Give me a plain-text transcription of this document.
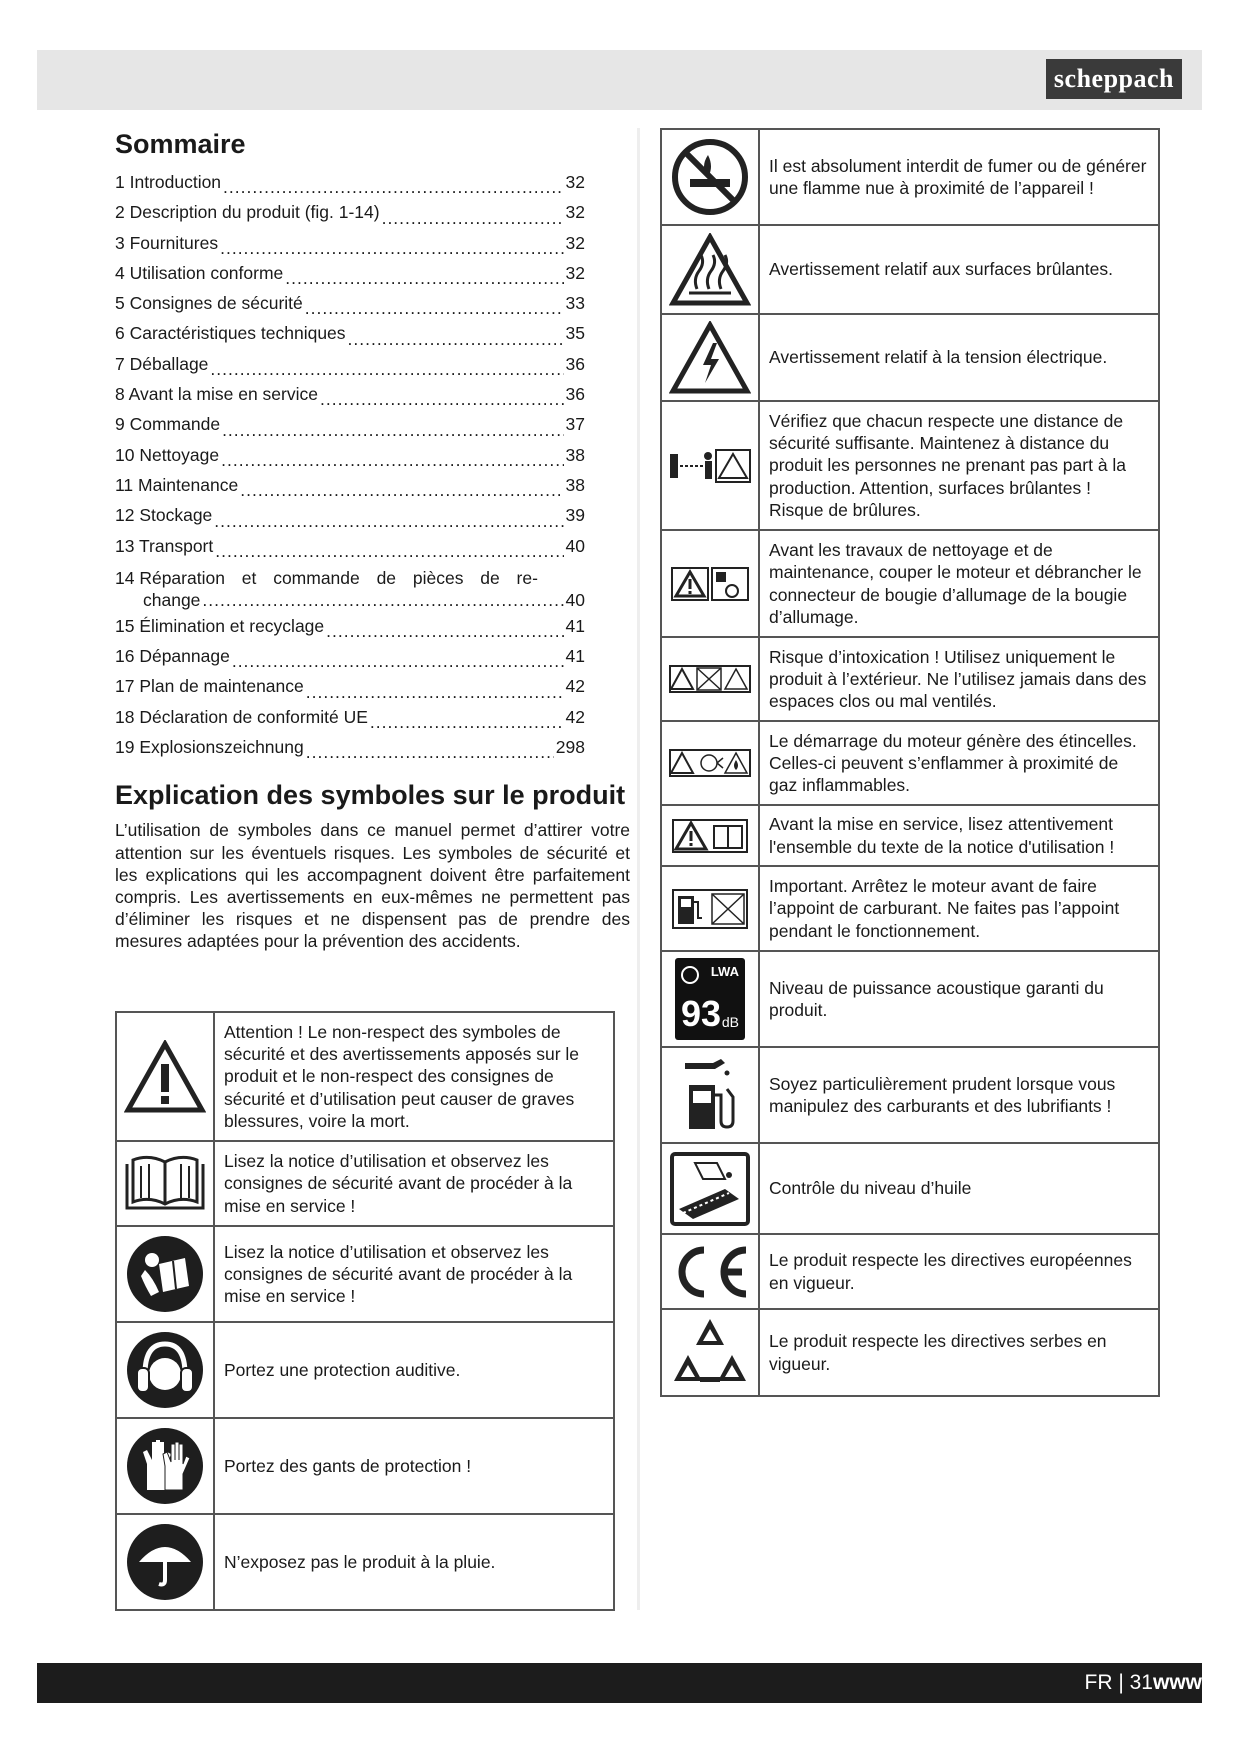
scheppach
Sommaire
1 Introduction .....	32
2 Description du produit (fig. 1-14) .....	32
3 Fournitures .....	32
4 Utilisation conforme .....	32
5 Consignes de sécurité .....	33
6 Caractéristiques techniques .....	35
7 Déballage .....	36
8 Avant la mise en service .....	36
9 Commande .....	37
10 Nettoyage .....	38
11 Maintenance .....	38
12 Stockage .....	39
13 Transport .....	40
14 Réparation et commande de pièces de re-
change .....	40
15 Élimination et recyclage .....	41
16 Dépannage .....	41
17 Plan de maintenance .....	42
18 Déclaration de conformité UE .....	42
19 Explosionszeichnung .....	298
Explication des symboles sur le produit

L’utilisation de symboles dans ce manuel permet d’attirer votre attention sur les éventuels risques. Les symboles de sécurité et les explications qui les accompagnent doivent être parfaitement compris. Les avertissements en eux-mêmes ne permettent pas d’éliminer les risques et ne dispensent pas de prendre des mesures adaptées pour la prévention des accidents.

	Attention ! Le non-respect des symboles de sécurité et des avertissements apposés sur le produit et le non-respect des consignes de sécurité et d’utilisation peut causer de graves blessures, voire la mort.

	Lisez la notice d’utilisation et observez les consignes de sécurité avant de procéder à la mise en service !

	Lisez la notice d’utilisation et observez les consignes de sécurité avant de procéder à la mise en service !

	Portez une protection auditive.

	Portez des gants de protection !

	N’exposez pas le produit à la pluie.
	Il est absolument interdit de fumer ou de générer une flamme nue à proximité de l’appareil !

	Avertissement relatif aux surfaces brûlantes.

	Avertissement relatif à la tension électrique.

	Vérifiez que chacun respecte une distance de sécurité suffisante. Maintenez à distance du produit les personnes ne prenant pas part à la production. Attention, surfaces brûlantes ! Risque de brûlures.

	Avant les travaux de nettoyage et de maintenance, couper le moteur et débrancher le connecteur de bougie d’allumage de la bougie d’allumage.

	Risque d’intoxication ! Utilisez uniquement le produit à l’extérieur. Ne l’utilisez jamais dans des espaces clos ou mal ventilés.

	Le démarrage du moteur génère des étincelles. Celles-ci peuvent s’enflammer à proximité de gaz inflammables.

	Avant la mise en service, lisez attentivement l'ensemble du texte de la notice d'utilisation !

	Important. Arrêtez le moteur avant de faire l’appoint de carburant. Ne faites pas l’appoint pendant le fonctionnement.

LWA
93 dB	Niveau de puissance acoustique garanti du produit.

	Soyez particulièrement prudent lorsque vous manipulez des carburants et des lubrifiants !

	Contrôle du niveau d’huile

	Le produit respecte les directives européennes en vigueur.

	Le produit respecte les directives serbes en vigueur.
FR | 31www
